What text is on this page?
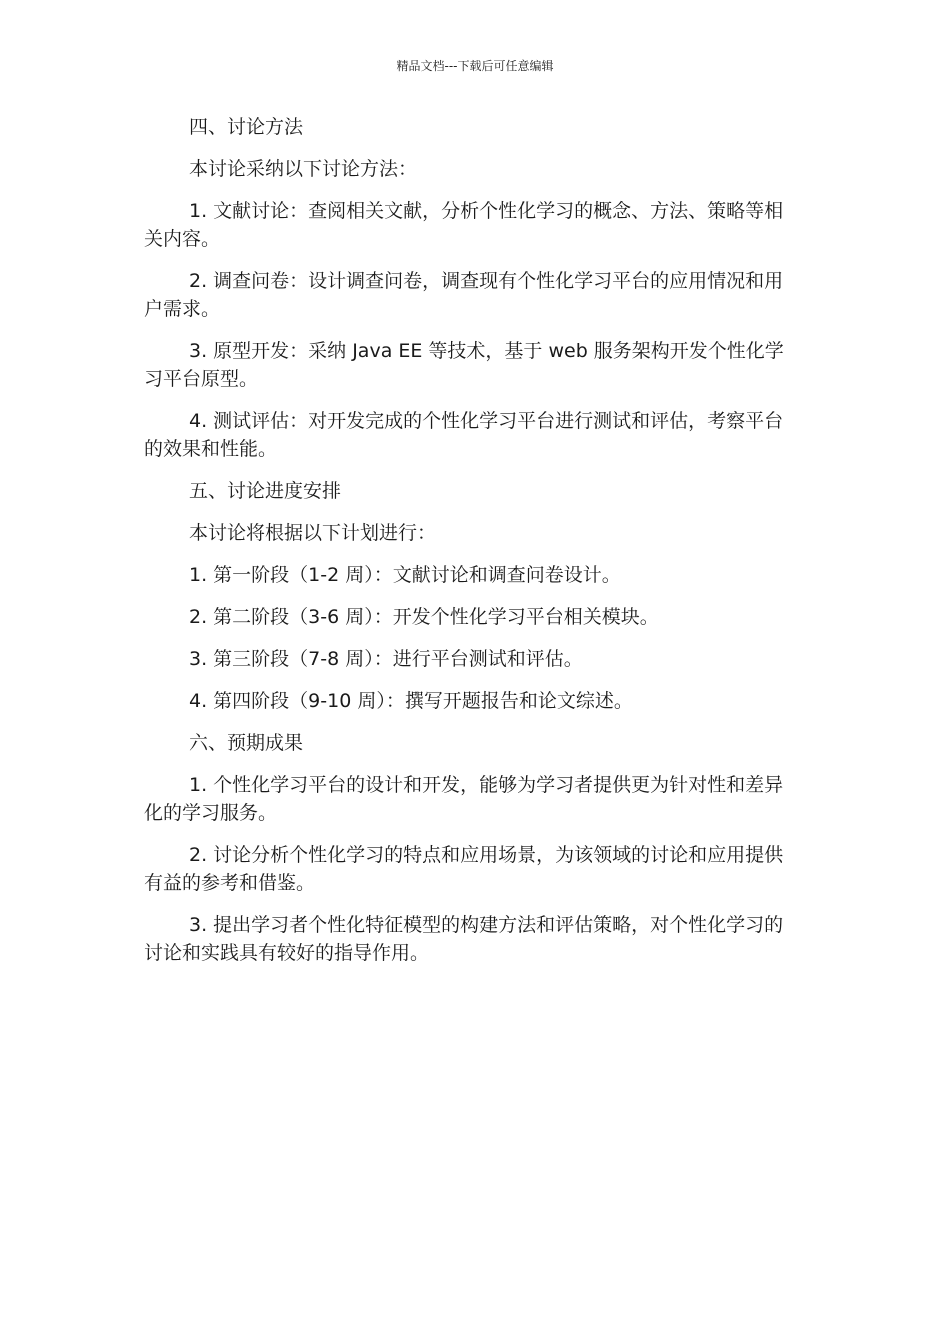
精品文档---下载后可任意编辑

四、讨论方法

本讨论采纳以下讨论方法：

1. 文献讨论：查阅相关文献，分析个性化学习的概念、方法、策略等相关内容。

2. 调查问卷：设计调查问卷，调查现有个性化学习平台的应用情况和用户需求。

3. 原型开发：采纳 Java EE 等技术，基于 web 服务架构开发个性化学习平台原型。

4. 测试评估：对开发完成的个性化学习平台进行测试和评估，考察平台的效果和性能。

五、讨论进度安排

本讨论将根据以下计划进行：

1. 第一阶段（1-2 周）：文献讨论和调查问卷设计。

2. 第二阶段（3-6 周）：开发个性化学习平台相关模块。

3. 第三阶段（7-8 周）：进行平台测试和评估。

4. 第四阶段（9-10 周）：撰写开题报告和论文综述。

六、预期成果

1. 个性化学习平台的设计和开发，能够为学习者提供更为针对性和差异化的学习服务。

2. 讨论分析个性化学习的特点和应用场景，为该领域的讨论和应用提供有益的参考和借鉴。

3. 提出学习者个性化特征模型的构建方法和评估策略，对个性化学习的讨论和实践具有较好的指导作用。
